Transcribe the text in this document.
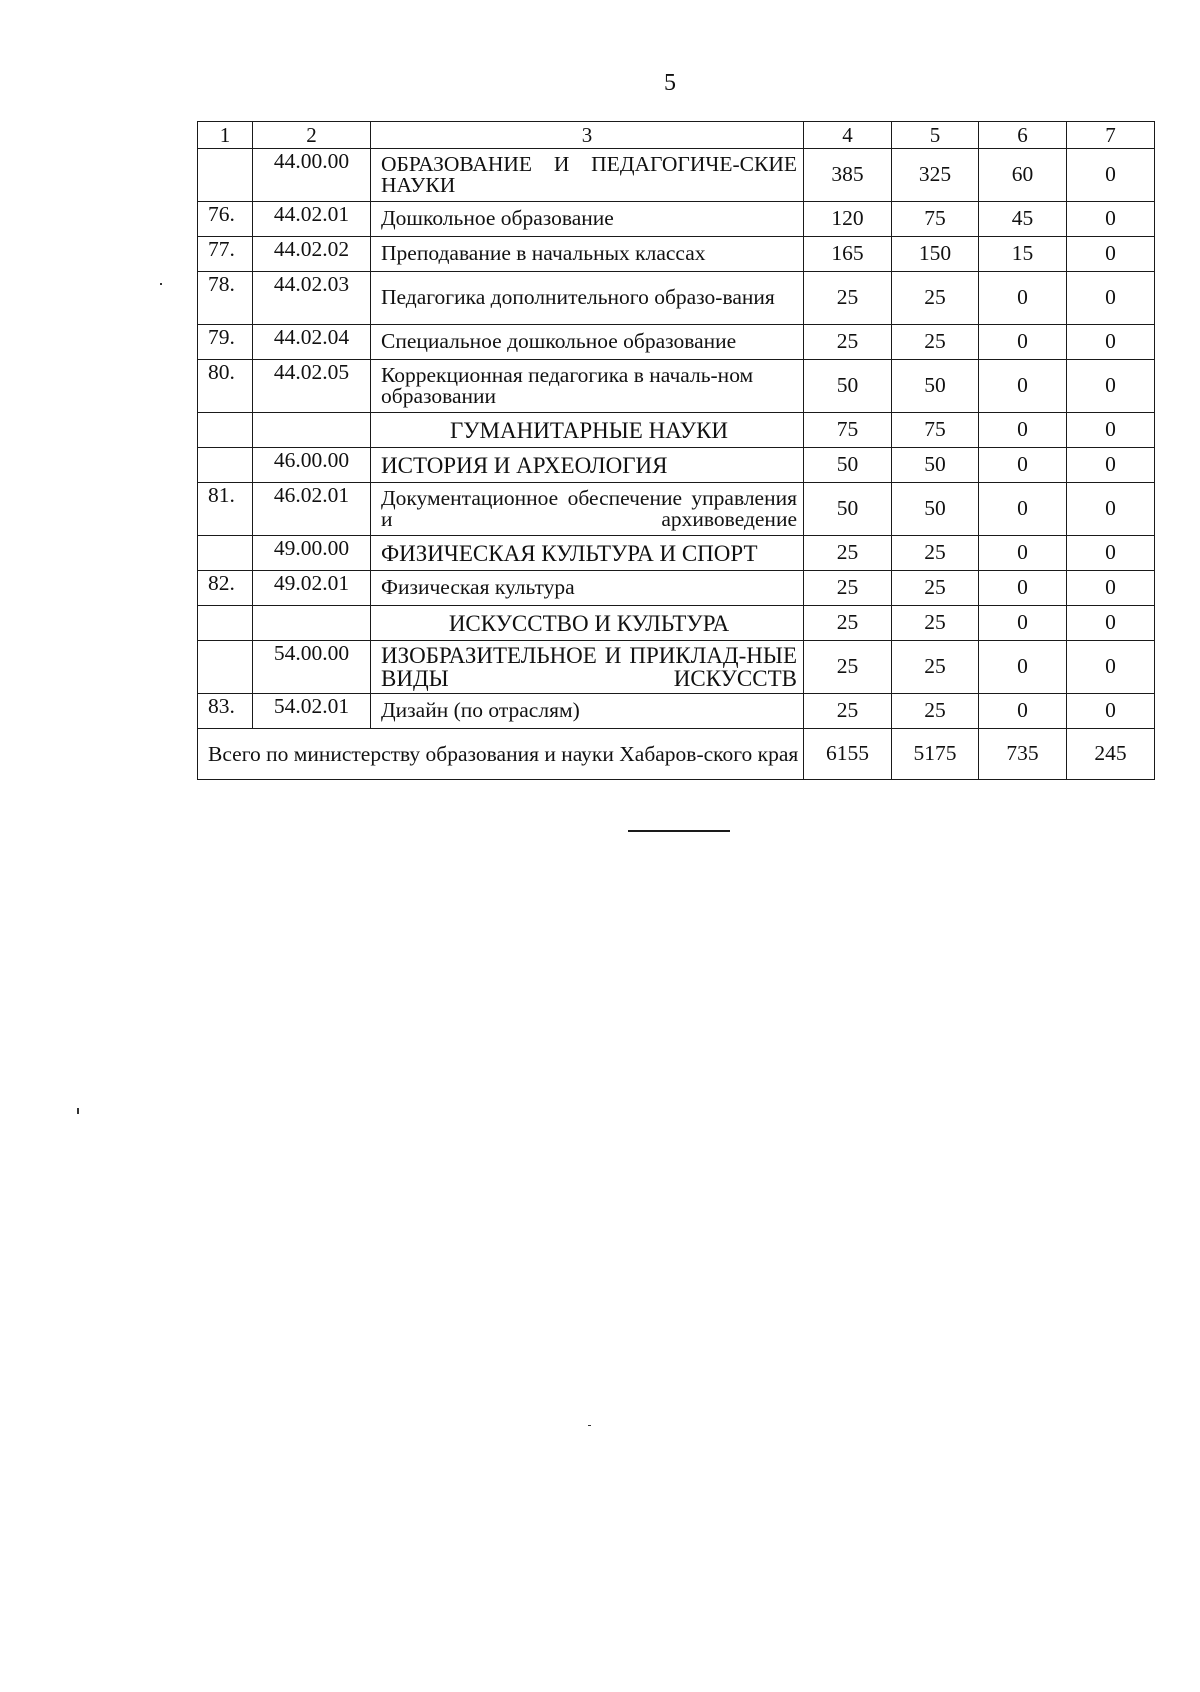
5
1	2	3	4	5	6	7
	44.00.00	ОБРАЗОВАНИЕ И ПЕДАГОГИЧЕ-СКИЕ НАУКИ	385	325	60	0
76.	44.02.01	Дошкольное образование	120	75	45	0
77.	44.02.02	Преподавание в начальных классах	165	150	15	0
78.	44.02.03	Педагогика дополнительного образо-вания	25	25	0	0
79.	44.02.04	Специальное дошкольное образование	25	25	0	0
80.	44.02.05	Коррекционная педагогика в началь-ном образовании	50	50	0	0
		ГУМАНИТАРНЫЕ НАУКИ	75	75	0	0
	46.00.00	ИСТОРИЯ И АРХЕОЛОГИЯ	50	50	0	0
81.	46.02.01	Документационное обеспечение управления и архивоведение	50	50	0	0
	49.00.00	ФИЗИЧЕСКАЯ КУЛЬТУРА И СПОРТ	25	25	0	0
82.	49.02.01	Физическая культура	25	25	0	0
		ИСКУССТВО И КУЛЬТУРА	25	25	0	0
	54.00.00	ИЗОБРАЗИТЕЛЬНОЕ И ПРИКЛАД-НЫЕ ВИДЫ ИСКУССТВ	25	25	0	0
83.	54.02.01	Дизайн (по отраслям)	25	25	0	0
Всего по министерству образования и науки Хабаров-ского края			6155	5175	735	245
